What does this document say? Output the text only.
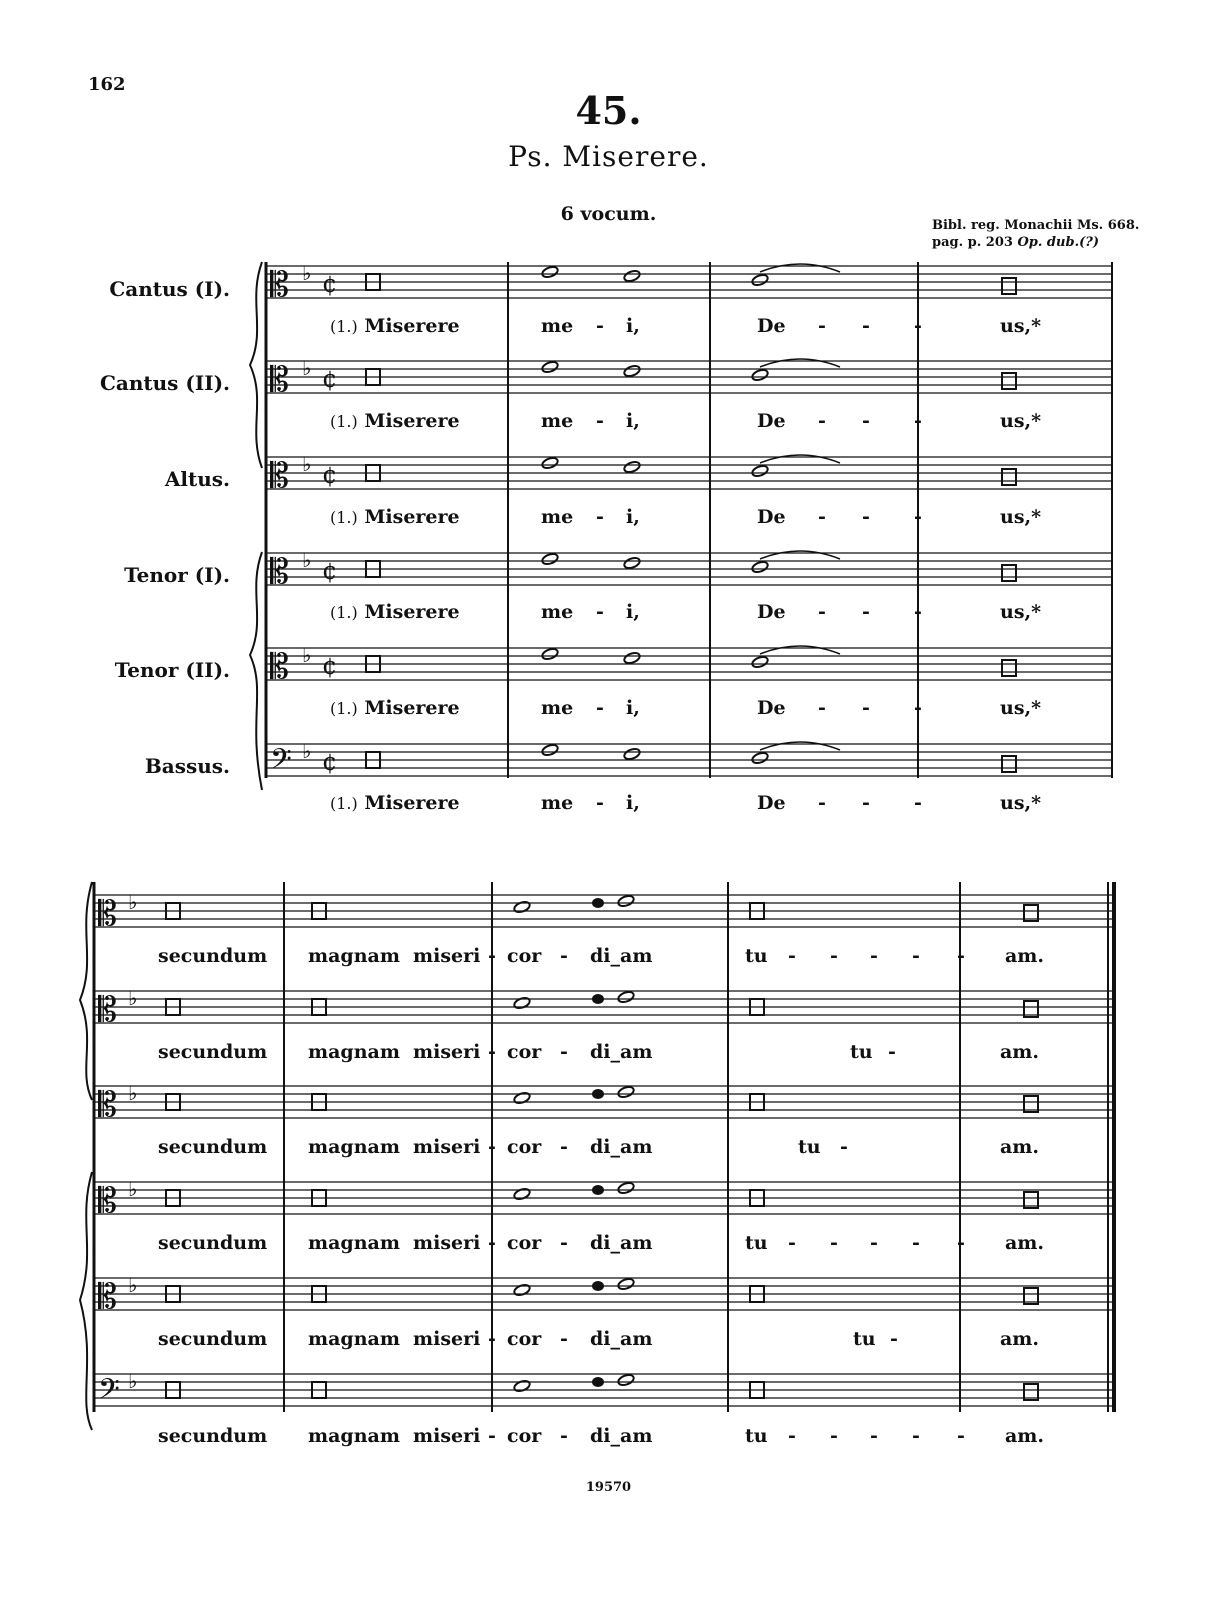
162
45.
Ps. Miserere.
6 vocum.
Bibl. reg. Monachii Ms. 668.
pag. p. 203 Op. dub.(?)
Cantus (I).
Cantus (II).
Altus.
Tenor (I).
Tenor (II).
Bassus.
(1.) Miserere	me - i,	De - - -	us,*
(1.) Miserere	me - i,	De - - -	us,*
(1.) Miserere	me - i,	De - - -	us,*
(1.) Miserere	me - i,	De - - -	us,*
(1.) Miserere	me - i,	De - - -	us,*
(1.) Miserere	me - i,	De - - -	us,*
secundum magnam miseri - cor - di_am	tu - - - - - am.
secundum magnam miseri - cor - di_am	tu -	am.
secundum magnam miseri - cor - di_am	tu -	am.
secundum magnam miseri - cor - di_am	tu - - - - - am.
secundum magnam miseri - cor - di_am	tu -	am.
secundum magnam miseri - cor - di_am	tu - - - - - am.
𝄡 ♭ ¢
𝄡 ♭ ¢
𝄡 ♭ ¢
𝄡 ♭ ¢
𝄡 ♭ ¢
𝄢 ♭ ¢
𝄡 ♭
𝄡 ♭
𝄡 ♭
𝄡 ♭
𝄡 ♭
𝄢 ♭
19570
